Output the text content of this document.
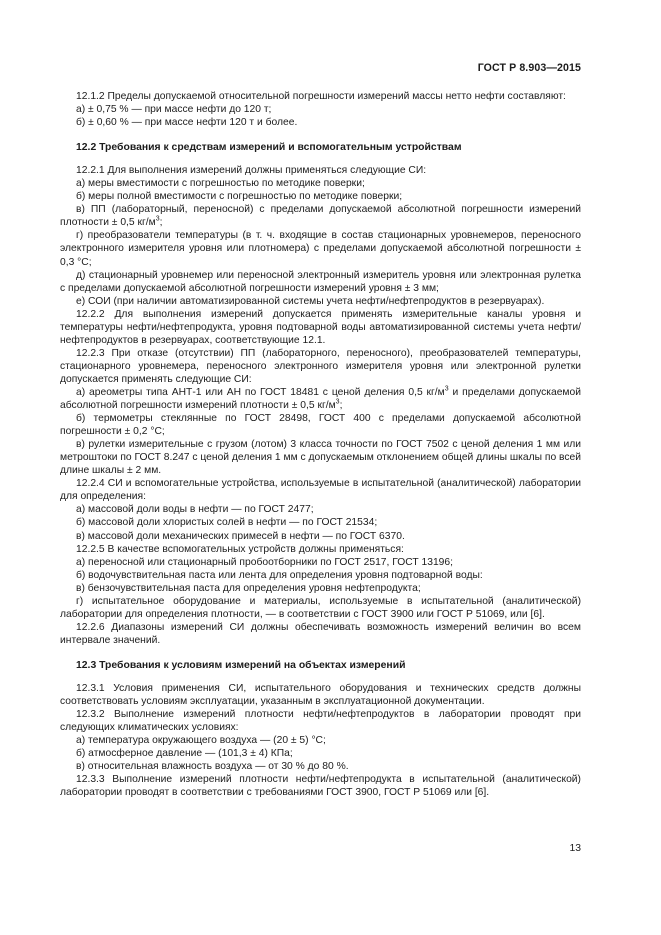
ГОСТ Р 8.903—2015
12.1.2 Пределы допускаемой относительной погрешности измерений массы нетто нефти составляют:
а) ± 0,75 % — при массе нефти до 120 т;
б) ± 0,60 % — при массе нефти 120 т и более.
12.2 Требования к средствам измерений и вспомогательным устройствам
12.2.1 Для выполнения измерений должны применяться следующие СИ:
а) меры вместимости с погрешностью по методике поверки;
б) меры полной вместимости с погрешностью по методике поверки;
в) ПП (лабораторный, переносной) с пределами допускаемой абсолютной погрешности измерений плотности ± 0,5 $кг/м^3$;
г) преобразователи температуры (в т. ч. входящие в состав стационарных уровнемеров, переносного электронного измерителя уровня или плотномера) с пределами допускаемой абсолютной погрешности ± 0,3 °С;
д) стационарный уровнемер или переносной электронный измеритель уровня или электронная рулетка с пределами допускаемой абсолютной погрешности измерений уровня ± 3 мм;
е) СОИ (при наличии автоматизированной системы учета нефти/нефтепродуктов в резервуарах).
12.2.2 Для выполнения измерений допускается применять измерительные каналы уровня и температуры нефти/нефтепродукта, уровня подтоварной воды автоматизированной системы учета нефти/нефтепродуктов в резервуарах, соответствующие 12.1.
12.2.3 При отказе (отсутствии) ПП (лабораторного, переносного), преобразователей температуры, стационарного уровнемера, переносного электронного измерителя уровня или электронной рулетки допускается применять следующие СИ:
а) ареометры типа АНТ-1 или АН по ГОСТ 18481 с ценой деления 0,5 $кг/м^3$ и пределами допускаемой абсолютной погрешности измерений плотности ± 0,5 $кг/м^3$;
б) термометры стеклянные по ГОСТ 28498, ГОСТ 400 с пределами допускаемой абсолютной погрешности ± 0,2 °С;
в) рулетки измерительные с грузом (лотом) 3 класса точности по ГОСТ 7502 с ценой деления 1 мм или метроштоки по ГОСТ 8.247 с ценой деления 1 мм с допускаемым отклонением общей длины шкалы по всей длине шкалы ± 2 мм.
12.2.4 СИ и вспомогательные устройства, используемые в испытательной (аналитической) лаборатории для определения:
а) массовой доли воды в нефти — по ГОСТ 2477;
б) массовой доли хлористых солей в нефти — по ГОСТ 21534;
в) массовой доли механических примесей в нефти — по ГОСТ 6370.
12.2.5 В качестве вспомогательных устройств должны применяться:
а) переносной или стационарный пробоотборники по ГОСТ 2517, ГОСТ 13196;
б) водочувствительная паста или лента для определения уровня подтоварной воды:
в) бензочувствительная паста для определения уровня нефтепродукта;
г) испытательное оборудование и материалы, используемые в испытательной (аналитической) лаборатории для определения плотности, — в соответствии с ГОСТ 3900 или ГОСТ Р 51069, или [6].
12.2.6 Диапазоны измерений СИ должны обеспечивать возможность измерений величин во всем интервале значений.
12.3 Требования к условиям измерений на объектах измерений
12.3.1 Условия применения СИ, испытательного оборудования и технических средств должны соответствовать условиям эксплуатации, указанным в эксплуатационной документации.
12.3.2 Выполнение измерений плотности нефти/нефтепродуктов в лаборатории проводят при следующих климатических условиях:
а) температура окружающего воздуха — (20 ± 5) °С;
б) атмосферное давление — (101,3 ± 4) КПа;
в) относительная влажность воздуха — от 30 % до 80 %.
12.3.3 Выполнение измерений плотности нефти/нефтепродукта в испытательной (аналитической) лаборатории проводят в соответствии с требованиями ГОСТ 3900, ГОСТ Р 51069 или [6].
13
